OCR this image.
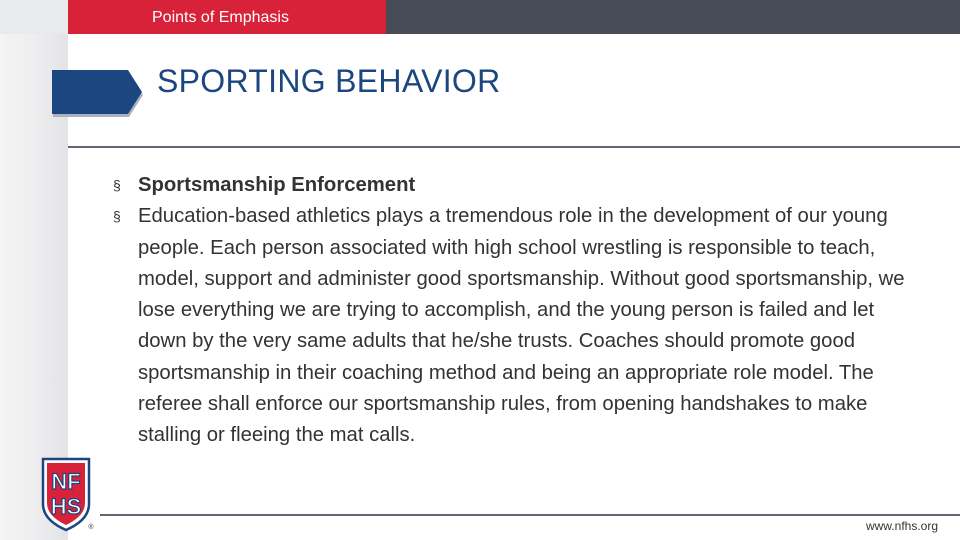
Points of Emphasis
SPORTING BEHAVIOR
§ Sportsmanship Enforcement
§ Education-based athletics plays a tremendous role in the development of our young people. Each person associated with high school wrestling is responsible to teach, model, support and administer good sportsmanship. Without good sportsmanship, we lose everything we are trying to accomplish, and the young person is failed and let down by the very same adults that he/she trusts. Coaches should promote good sportsmanship in their coaching method and being an appropriate role model. The referee shall enforce our sportsmanship rules, from opening handshakes to make stalling or fleeing the mat calls.
NF
HS
®	www.nfhs.org
